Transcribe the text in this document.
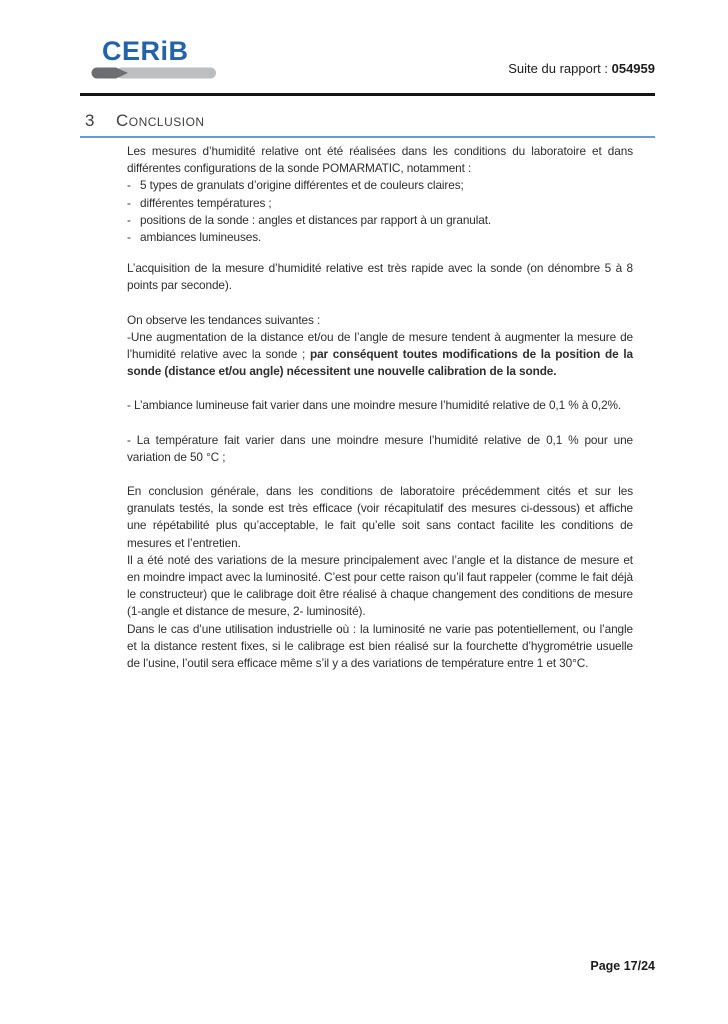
CERiB
Suite du rapport : 054959
3 Conclusion

Les mesures d’humidité relative ont été réalisées dans les conditions du laboratoire et dans différentes configurations de la sonde POMARMATIC, notamment :

- 5 types de granulats d’origine différentes et de couleurs claires;
- différentes températures ;
- positions de la sonde : angles et distances par rapport à un granulat.
- ambiances lumineuses.

L’acquisition de la mesure d’humidité relative est très rapide avec la sonde (on dénombre 5 à 8 points par seconde).

On observe les tendances suivantes :

-Une augmentation de la distance et/ou de l’angle de mesure tendent à augmenter la mesure de l’humidité relative avec la sonde ; par conséquent toutes modifications de la position de la sonde (distance et/ou angle) nécessitent une nouvelle calibration de la sonde.

- L’ambiance lumineuse fait varier dans une moindre mesure l’humidité relative de 0,1 % à 0,2%.

- La température fait varier dans une moindre mesure l’humidité relative de 0,1 % pour une variation de 50 °C ;

En conclusion générale, dans les conditions de laboratoire précédemment cités et sur les granulats testés, la sonde est très efficace (voir récapitulatif des mesures ci-dessous) et affiche une répétabilité plus qu’acceptable, le fait qu’elle soit sans contact facilite les conditions de mesures et l’entretien.

Il a été noté des variations de la mesure principalement avec l’angle et la distance de mesure et en moindre impact avec la luminosité. C’est pour cette raison qu’il faut rappeler (comme le fait déjà le constructeur) que le calibrage doit être réalisé à chaque changement des conditions de mesure (1-angle et distance de mesure, 2- luminosité).

Dans le cas d’une utilisation industrielle où : la luminosité ne varie pas potentiellement, ou l’angle et la distance restent fixes, si le calibrage est bien réalisé sur la fourchette d’hygrométrie usuelle de l’usine, l’outil sera efficace même s’il y a des variations de température entre 1 et 30°C.

Page 17/24
